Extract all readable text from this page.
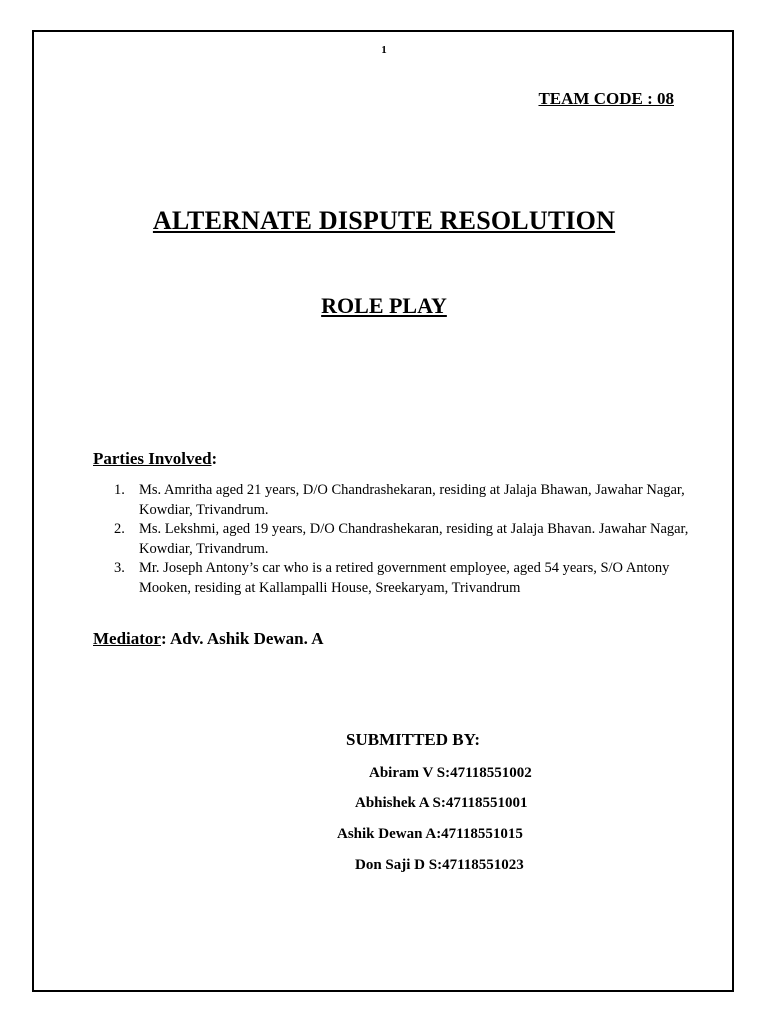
1
TEAM CODE : 08
ALTERNATE DISPUTE RESOLUTION
ROLE PLAY
Parties Involved:
1. Ms. Amritha aged 21 years, D/O Chandrashekaran, residing at Jalaja Bhawan, Jawahar Nagar, Kowdiar, Trivandrum.
2. Ms. Lekshmi, aged 19 years, D/O Chandrashekaran, residing at Jalaja Bhavan. Jawahar Nagar, Kowdiar, Trivandrum.
3. Mr. Joseph Antony’s car who is a retired government employee, aged 54 years, S/O Antony Mooken, residing at Kallampalli House, Sreekaryam, Trivandrum
Mediator: Adv. Ashik Dewan. A
SUBMITTED BY:
Abiram V S:47118551002
Abhishek A S:47118551001
Ashik Dewan A:47118551015
Don Saji D S:47118551023
